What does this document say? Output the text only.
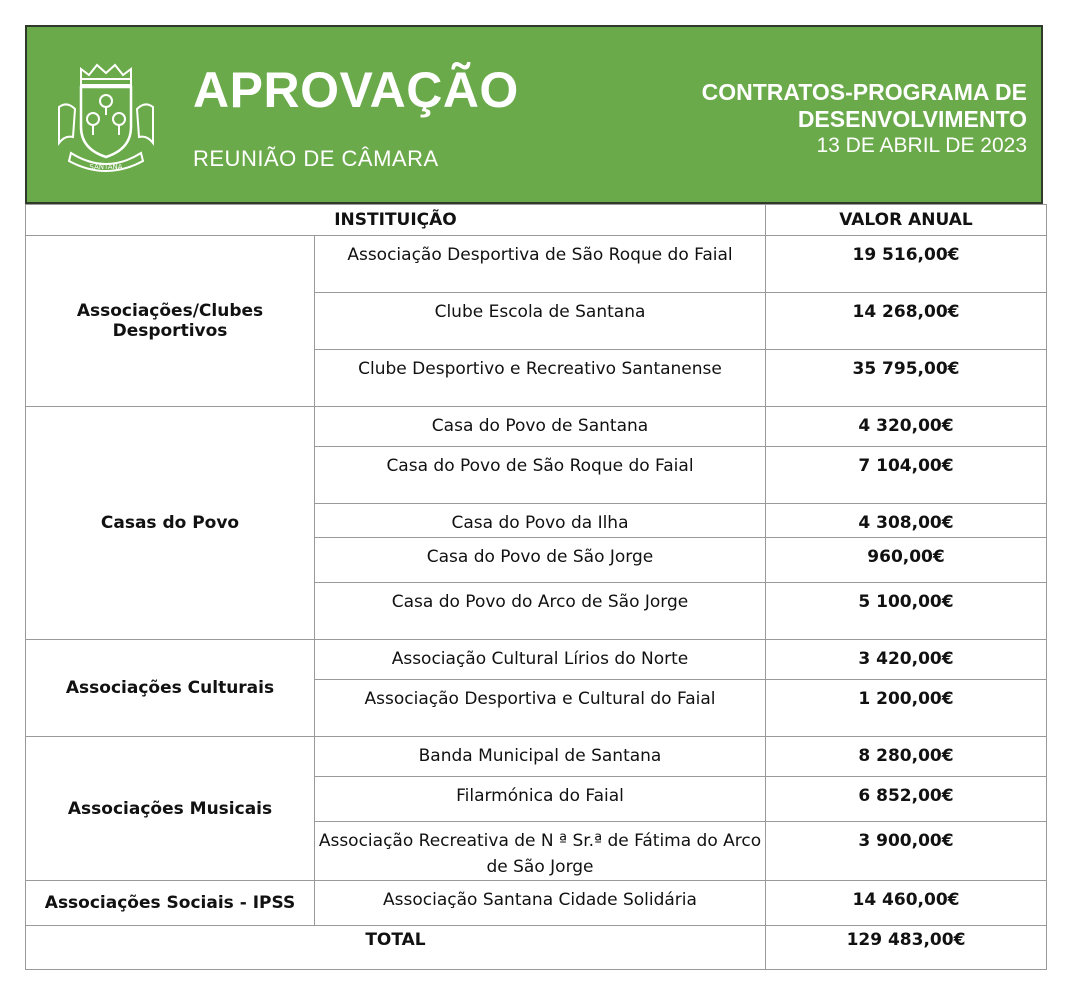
SANTANA
APROVAÇÃO
REUNIÃO DE CÂMARA
CONTRATOS-PROGRAMA DE
DESENVOLVIMENTO
13 DE ABRIL DE 2023
INSTITUIÇÃO		VALOR ANUAL
Associações/Clubes Desportivos	Associação Desportiva de São Roque do Faial	19 516,00€
	Clube Escola de Santana	14 268,00€
	Clube Desportivo e Recreativo Santanense	35 795,00€
Casas do Povo	Casa do Povo de Santana	4 320,00€
	Casa do Povo de São Roque do Faial	7 104,00€
	Casa do Povo da Ilha	4 308,00€
	Casa do Povo de São Jorge	960,00€
	Casa do Povo do Arco de São Jorge	5 100,00€
Associações Culturais	Associação Cultural Lírios do Norte	3 420,00€
	Associação Desportiva e Cultural do Faial	1 200,00€
Associações Musicais	Banda Municipal de Santana	8 280,00€
	Filarmónica do Faial	6 852,00€
	Associação Recreativa de N ª Sr.ª de Fátima do Arco de São Jorge	3 900,00€
Associações Sociais - IPSS	Associação Santana Cidade Solidária	14 460,00€
TOTAL		129 483,00€
